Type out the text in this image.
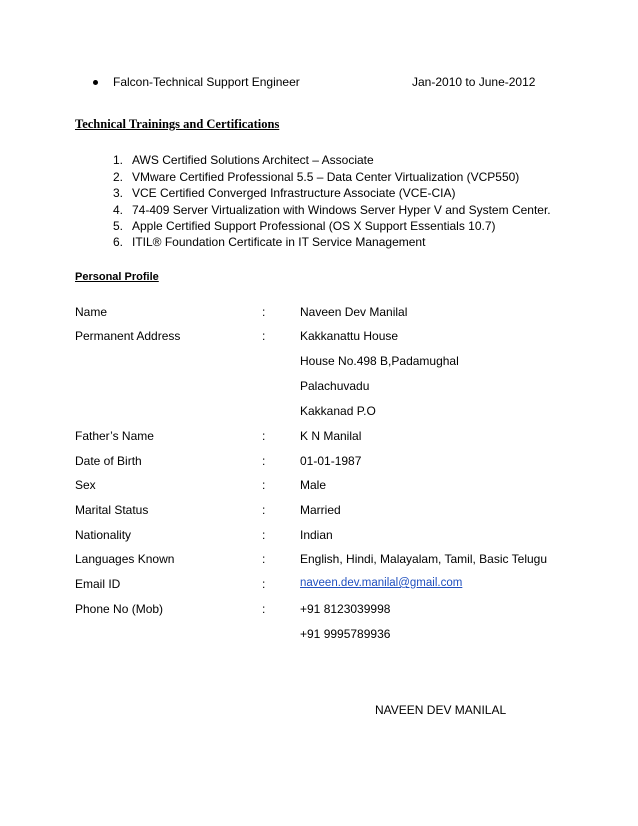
Falcon-Technical Support Engineer	Jan-2010 to June-2012
Technical Trainings and Certifications
1. AWS Certified Solutions Architect – Associate
2. VMware Certified Professional 5.5 – Data Center Virtualization (VCP550)
3. VCE Certified Converged Infrastructure Associate (VCE-CIA)
4. 74-409 Server Virtualization with Windows Server Hyper V and System Center.
5. Apple Certified Support Professional (OS X Support Essentials 10.7)
6. ITIL® Foundation Certificate in IT Service Management
Personal Profile
Name	:	Naveen Dev Manilal
Permanent Address	:	Kakkanattu House
House No.498 B,Padamughal
Palachuvadu
Kakkanad P.O
Father’s Name	:	K N Manilal
Date of Birth	:	01-01-1987
Sex	:	Male
Marital Status	:	Married
Nationality	:	Indian
Languages Known	:	English, Hindi, Malayalam, Tamil, Basic Telugu
Email ID	:	naveen.dev.manilal@gmail.com
Phone No (Mob)	:	+91 8123039998
+91 9995789936
NAVEEN DEV MANILAL
